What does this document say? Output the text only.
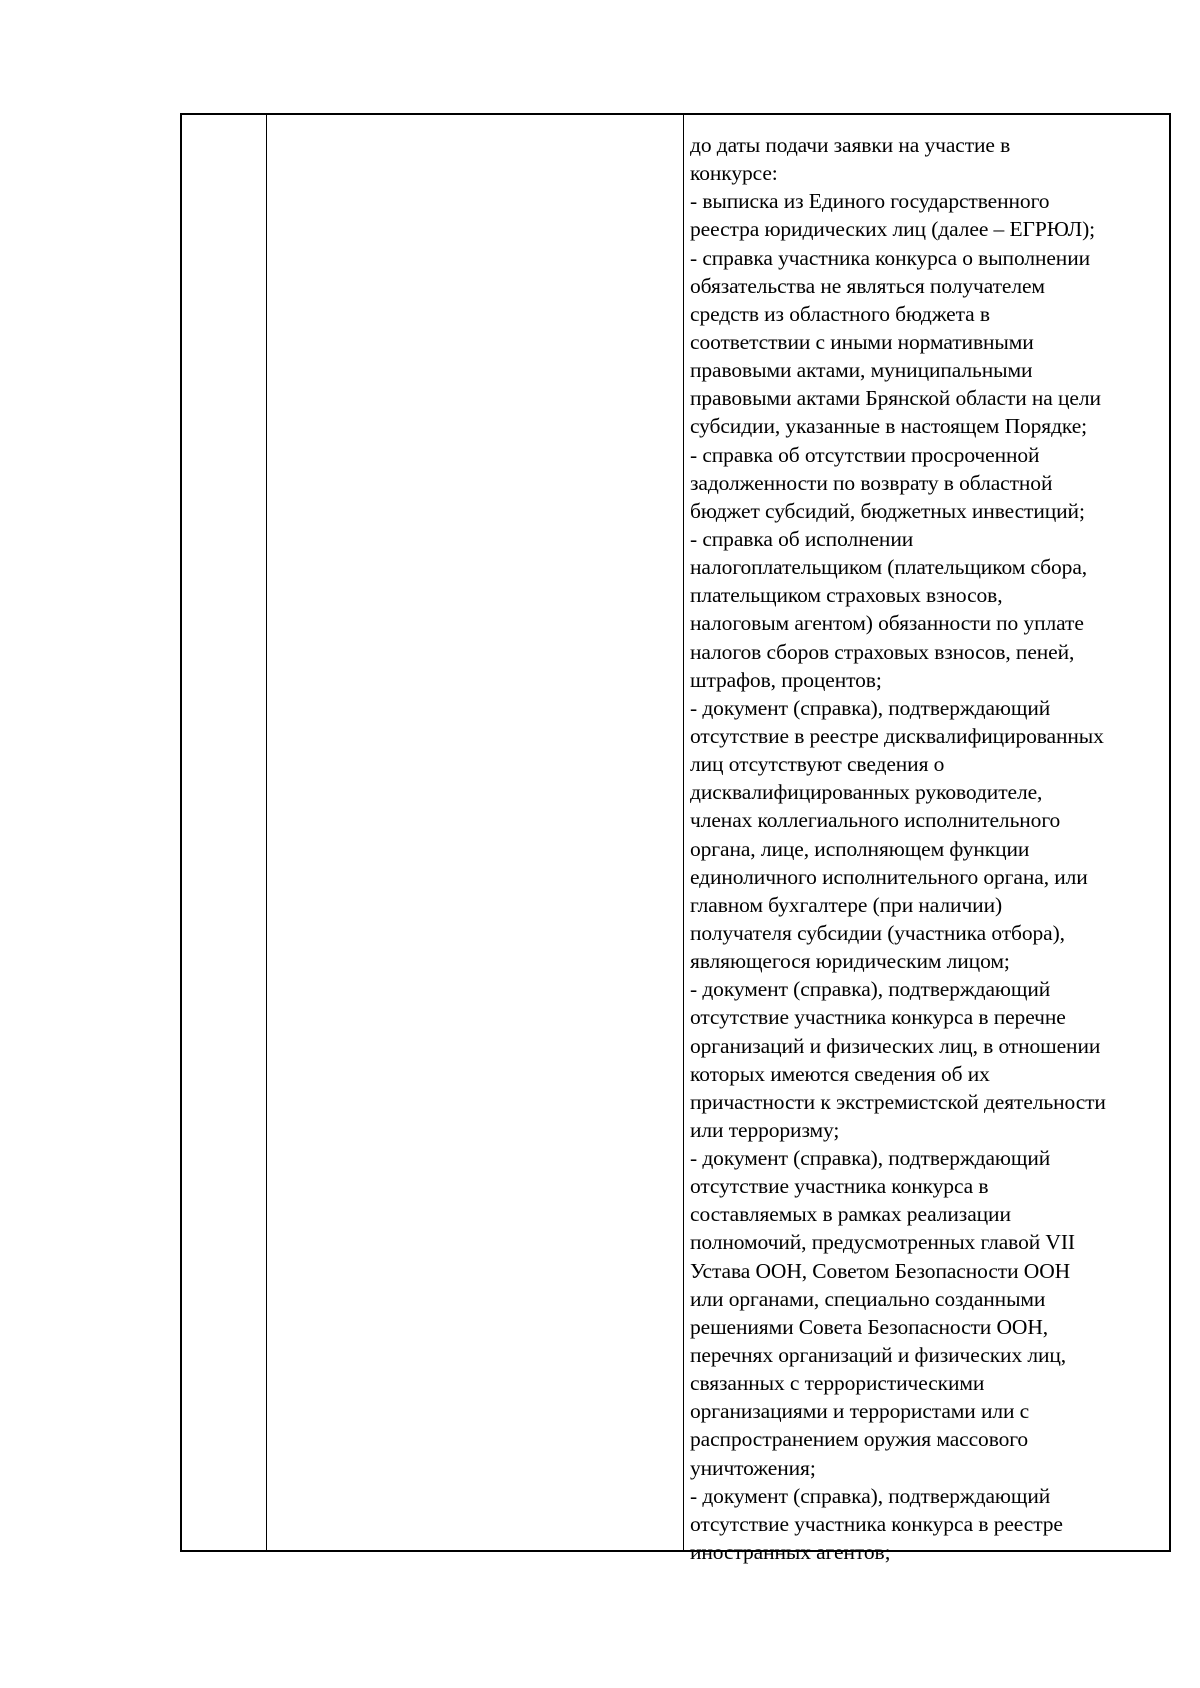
до даты подачи заявки на участие в
конкурсе:
- выписка из Единого государственного
реестра юридических лиц (далее – ЕГРЮЛ);
- справка участника конкурса о выполнении
обязательства не являться получателем
средств из областного бюджета в
соответствии с иными нормативными
правовыми актами, муниципальными
правовыми актами Брянской области на цели
субсидии, указанные в настоящем Порядке;
- справка об отсутствии просроченной
задолженности по возврату в областной
бюджет субсидий, бюджетных инвестиций;
- справка об исполнении
налогоплательщиком (плательщиком сбора,
плательщиком страховых взносов,
налоговым агентом) обязанности по уплате
налогов сборов страховых взносов, пеней,
штрафов, процентов;
- документ (справка), подтверждающий
отсутствие в реестре дисквалифицированных
лиц отсутствуют сведения о
дисквалифицированных руководителе,
членах коллегиального исполнительного
органа, лице, исполняющем функции
единоличного исполнительного органа, или
главном бухгалтере (при наличии)
получателя субсидии (участника отбора),
являющегося юридическим лицом;
- документ (справка), подтверждающий
отсутствие участника конкурса в перечне
организаций и физических лиц, в отношении
которых имеются сведения об их
причастности к экстремистской деятельности
или терроризму;
- документ (справка), подтверждающий
отсутствие участника конкурса в
составляемых в рамках реализации
полномочий, предусмотренных главой VII
Устава ООН, Советом Безопасности ООН
или органами, специально созданными
решениями Совета Безопасности ООН,
перечнях организаций и физических лиц,
связанных с террористическими
организациями и террористами или с
распространением оружия массового
уничтожения;
- документ (справка), подтверждающий
отсутствие участника конкурса в реестре
иностранных агентов;
